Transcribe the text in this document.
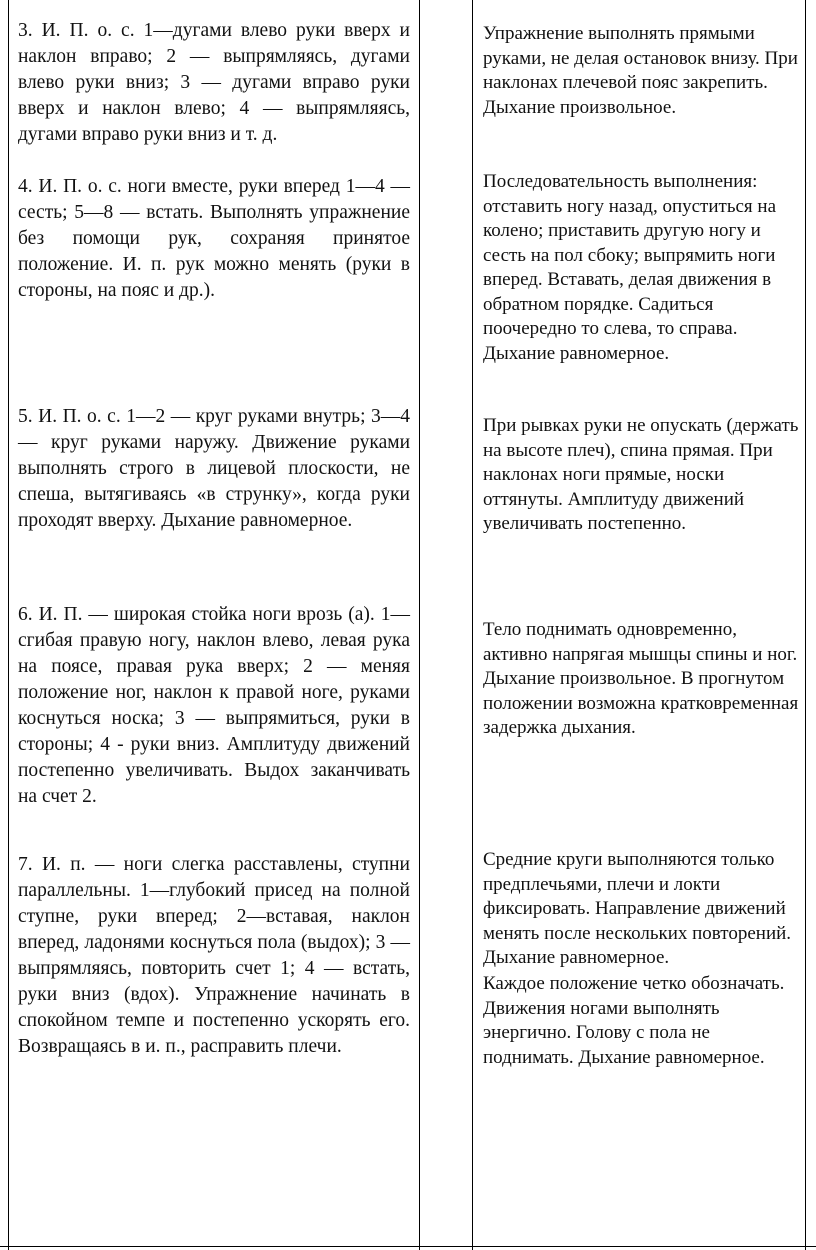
3. И. П. о. с. 1—дугами влево руки вверх и наклон вправо; 2 — выпрямляясь, дугами влево руки вниз; 3 — дугами вправо руки вверх и наклон влево; 4 — выпрямляясь, дугами вправо руки вниз и т. д.

4. И. П. о. с. ноги вместе, руки вперед 1—4 — сесть; 5—8 — встать. Выполнять упражнение без помощи рук, сохраняя принятое положение. И. п. рук можно менять (руки в стороны, на пояс и др.).

5. И. П. о. с. 1—2 — круг руками внутрь; 3—4 — круг руками наружу. Движение руками выполнять строго в лицевой плоскости, не спеша, вытягиваясь «в струнку», когда руки проходят вверху. Дыхание равномерное.

6. И. П. — широкая стойка ноги врозь (а). 1—сгибая правую ногу, наклон влево, левая рука на поясе, правая рука вверх; 2 — меняя положение ног, наклон к правой ноге, руками коснуться носка; 3 — выпрямиться, руки в стороны; 4 - руки вниз. Амплитуду движений постепенно увеличивать. Выдох заканчивать на счет 2.

7. И. п. — ноги слегка расставлены, ступни параллельны. 1—глубокий присед на полной ступне, руки вперед; 2—вставая, наклон вперед, ладонями коснуться пола (выдох); 3 — выпрямляясь, повторить счет 1; 4 — встать, руки вниз (вдох). Упражнение начинать в спокойном темпе и постепенно ускорять его. Возвращаясь в и. п., расправить плечи.

Упражнение выполнять прямыми руками, не делая остановок внизу. При наклонах плечевой пояс закрепить. Дыхание произвольное.

Последовательность выполнения: отставить ногу назад, опуститься на колено; приставить другую ногу и сесть на пол сбоку; выпрямить ноги вперед. Вставать, делая движения в обратном порядке. Садиться поочередно то слева, то справа. Дыхание равномерное.

При рывках руки не опускать (держать на высоте плеч), спина прямая. При наклонах ноги прямые, носки оттянуты. Амплитуду движений увеличивать постепенно.

Тело поднимать одновременно, активно напрягая мышцы спины и ног. Дыхание произвольное. В прогнутом положении возможна кратковременная задержка дыхания.

Средние круги выполняются только предплечьями, плечи и локти фиксировать. Направление движений менять после нескольких повторений. Дыхание равномерное.

Каждое положение четко обозначать. Движения ногами выполнять энергично. Голову с пола не поднимать. Дыхание равномерное.
